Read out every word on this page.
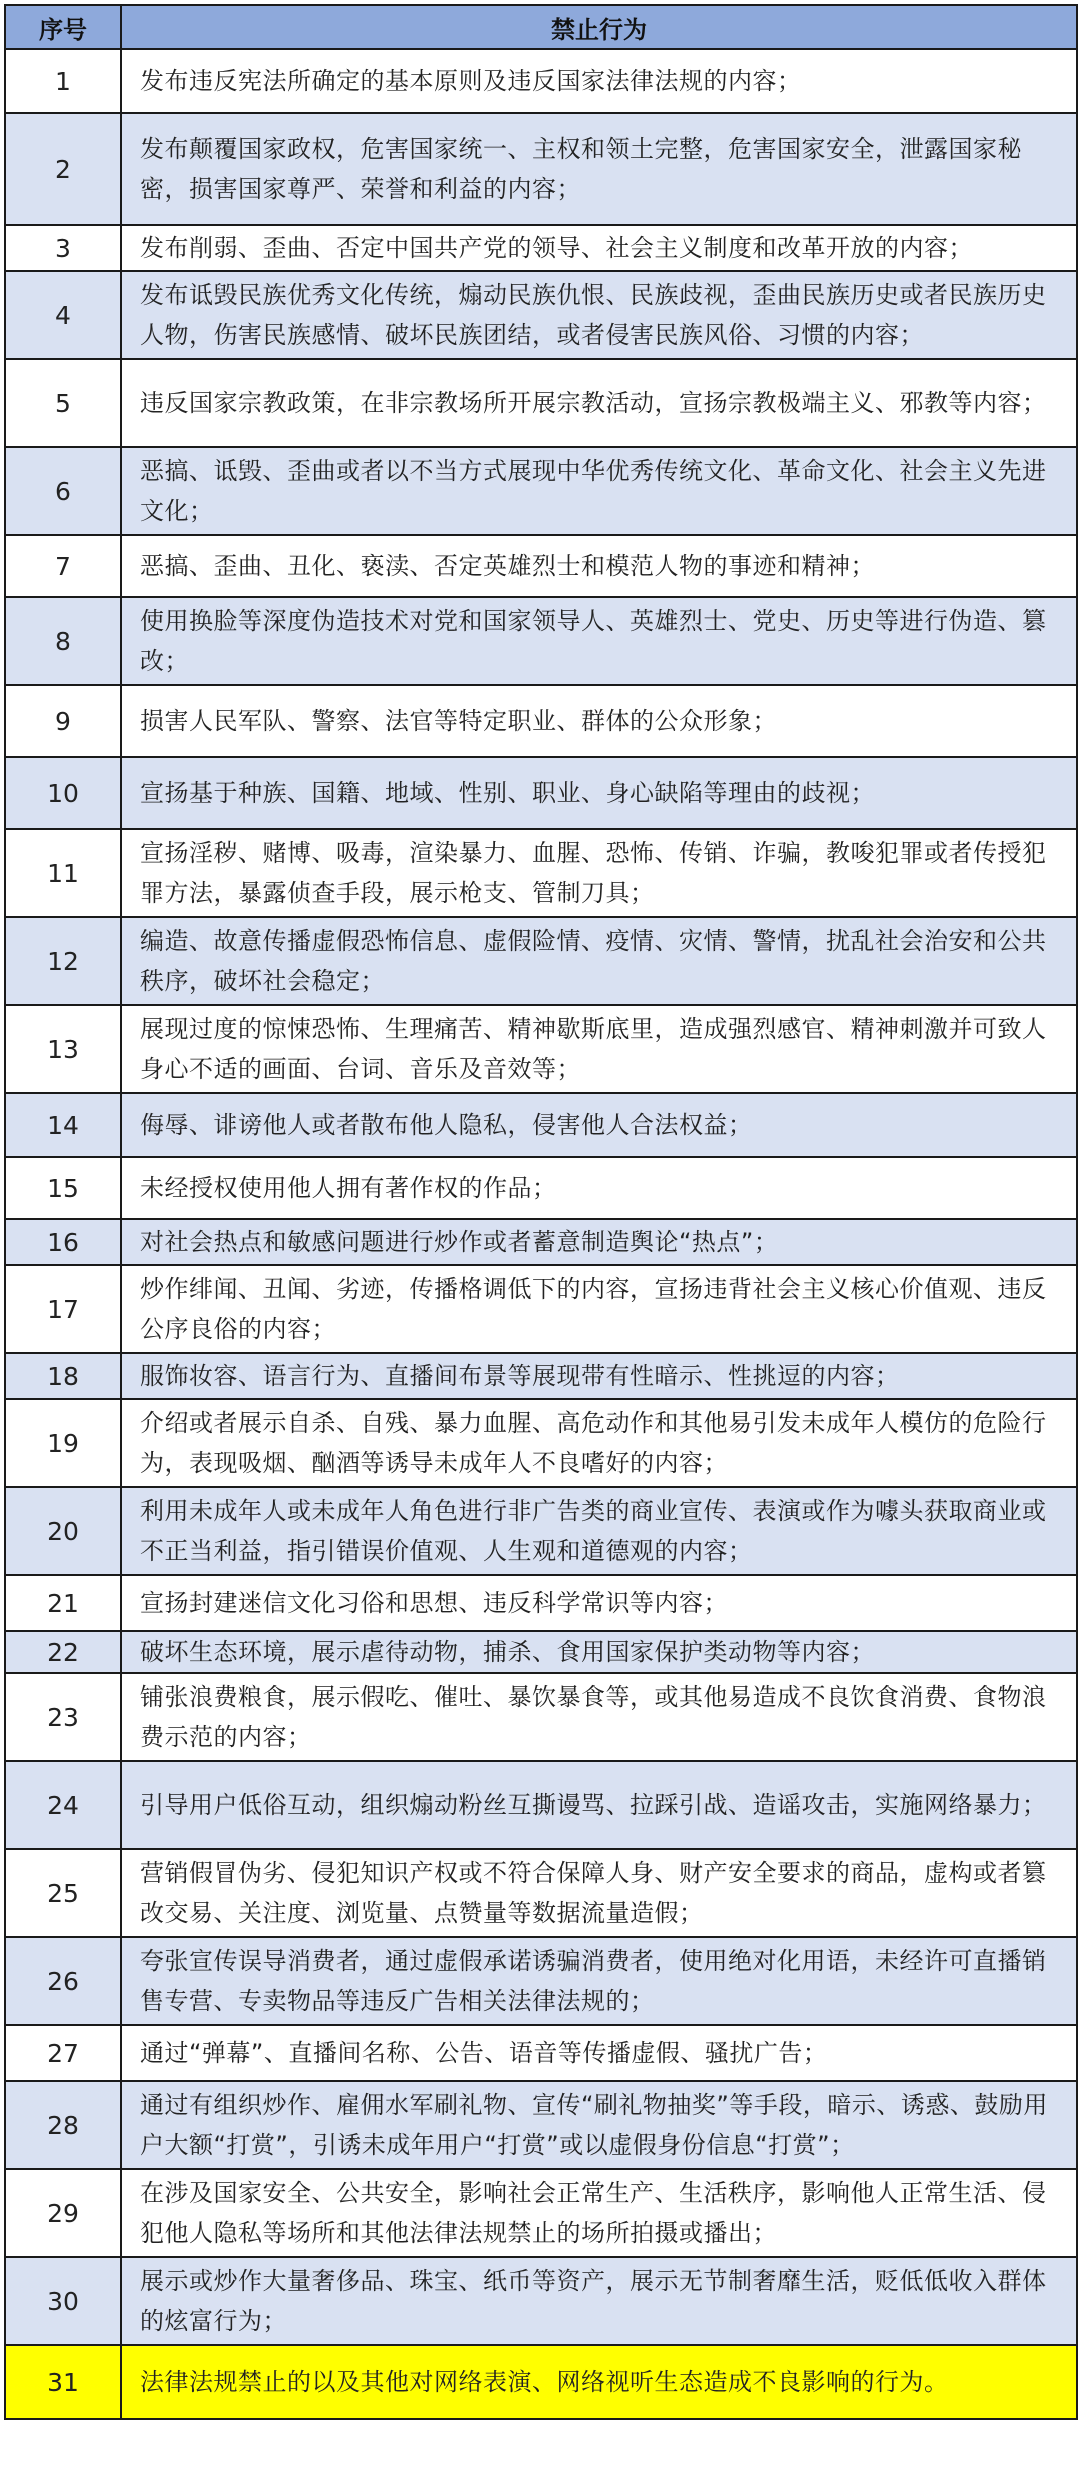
序号	禁止行为
1	发布违反宪法所确定的基本原则及违反国家法律法规的内容；
2	发布颠覆国家政权，危害国家统一、主权和领土完整，危害国家安全，泄露国家秘密，损害国家尊严、荣誉和利益的内容；
3	发布削弱、歪曲、否定中国共产党的领导、社会主义制度和改革开放的内容；
4	发布诋毁民族优秀文化传统，煽动民族仇恨、民族歧视，歪曲民族历史或者民族历史人物，伤害民族感情、破坏民族团结，或者侵害民族风俗、习惯的内容；
5	违反国家宗教政策，在非宗教场所开展宗教活动，宣扬宗教极端主义、邪教等内容；
6	恶搞、诋毁、歪曲或者以不当方式展现中华优秀传统文化、革命文化、社会主义先进文化；
7	恶搞、歪曲、丑化、亵渎、否定英雄烈士和模范人物的事迹和精神；
8	使用换脸等深度伪造技术对党和国家领导人、英雄烈士、党史、历史等进行伪造、篡改；
9	损害人民军队、警察、法官等特定职业、群体的公众形象；
10	宣扬基于种族、国籍、地域、性别、职业、身心缺陷等理由的歧视；
11	宣扬淫秽、赌博、吸毒，渲染暴力、血腥、恐怖、传销、诈骗，教唆犯罪或者传授犯罪方法，暴露侦查手段，展示枪支、管制刀具；
12	编造、故意传播虚假恐怖信息、虚假险情、疫情、灾情、警情，扰乱社会治安和公共秩序，破坏社会稳定；
13	展现过度的惊悚恐怖、生理痛苦、精神歇斯底里，造成强烈感官、精神刺激并可致人身心不适的画面、台词、音乐及音效等；
14	侮辱、诽谤他人或者散布他人隐私，侵害他人合法权益；
15	未经授权使用他人拥有著作权的作品；
16	对社会热点和敏感问题进行炒作或者蓄意制造舆论“热点”；
17	炒作绯闻、丑闻、劣迹，传播格调低下的内容，宣扬违背社会主义核心价值观、违反公序良俗的内容；
18	服饰妆容、语言行为、直播间布景等展现带有性暗示、性挑逗的内容；
19	介绍或者展示自杀、自残、暴力血腥、高危动作和其他易引发未成年人模仿的危险行为，表现吸烟、酗酒等诱导未成年人不良嗜好的内容；
20	利用未成年人或未成年人角色进行非广告类的商业宣传、表演或作为噱头获取商业或不正当利益，指引错误价值观、人生观和道德观的内容；
21	宣扬封建迷信文化习俗和思想、违反科学常识等内容；
22	破坏生态环境，展示虐待动物，捕杀、食用国家保护类动物等内容；
23	铺张浪费粮食，展示假吃、催吐、暴饮暴食等，或其他易造成不良饮食消费、食物浪费示范的内容；
24	引导用户低俗互动，组织煽动粉丝互撕谩骂、拉踩引战、造谣攻击，实施网络暴力；
25	营销假冒伪劣、侵犯知识产权或不符合保障人身、财产安全要求的商品，虚构或者篡改交易、关注度、浏览量、点赞量等数据流量造假；
26	夸张宣传误导消费者，通过虚假承诺诱骗消费者，使用绝对化用语，未经许可直播销售专营、专卖物品等违反广告相关法律法规的；
27	通过“弹幕”、直播间名称、公告、语音等传播虚假、骚扰广告；
28	通过有组织炒作、雇佣水军刷礼物、宣传“刷礼物抽奖”等手段，暗示、诱惑、鼓励用户大额“打赏”，引诱未成年用户“打赏”或以虚假身份信息“打赏”；
29	在涉及国家安全、公共安全，影响社会正常生产、生活秩序，影响他人正常生活、侵犯他人隐私等场所和其他法律法规禁止的场所拍摄或播出；
30	展示或炒作大量奢侈品、珠宝、纸币等资产，展示无节制奢靡生活，贬低低收入群体的炫富行为；
31	法律法规禁止的以及其他对网络表演、网络视听生态造成不良影响的行为。
